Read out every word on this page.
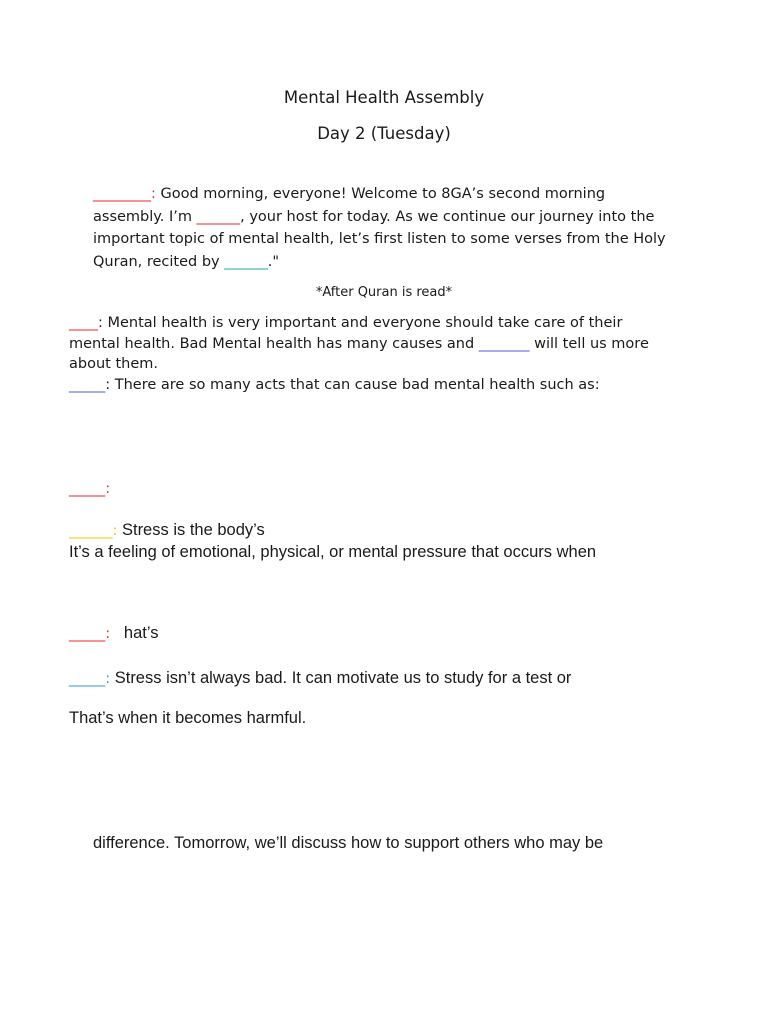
Mental Health Assembly
Day 2 (Tuesday)
________: Good morning, everyone! Welcome to 8GA’s second morning
assembly. I’m ______, your host for today. As we continue our journey into the
important topic of mental health, let’s first listen to some verses from the Holy
Quran, recited by ______."
*After Quran is read*
____: Mental health is very important and everyone should take care of their
mental health. Bad Mental health has many causes and _______ will tell us more
about them.
_____: There are so many acts that can cause bad mental health such as:
_____:
______: Stress is the body’s
It’s a feeling of emotional, physical, or mental pressure that occurs when
_____:   hat’s
_____: Stress isn’t always bad. It can motivate us to study for a test or
That’s when it becomes harmful.
difference. Tomorrow, we’ll discuss how to support others who may be
